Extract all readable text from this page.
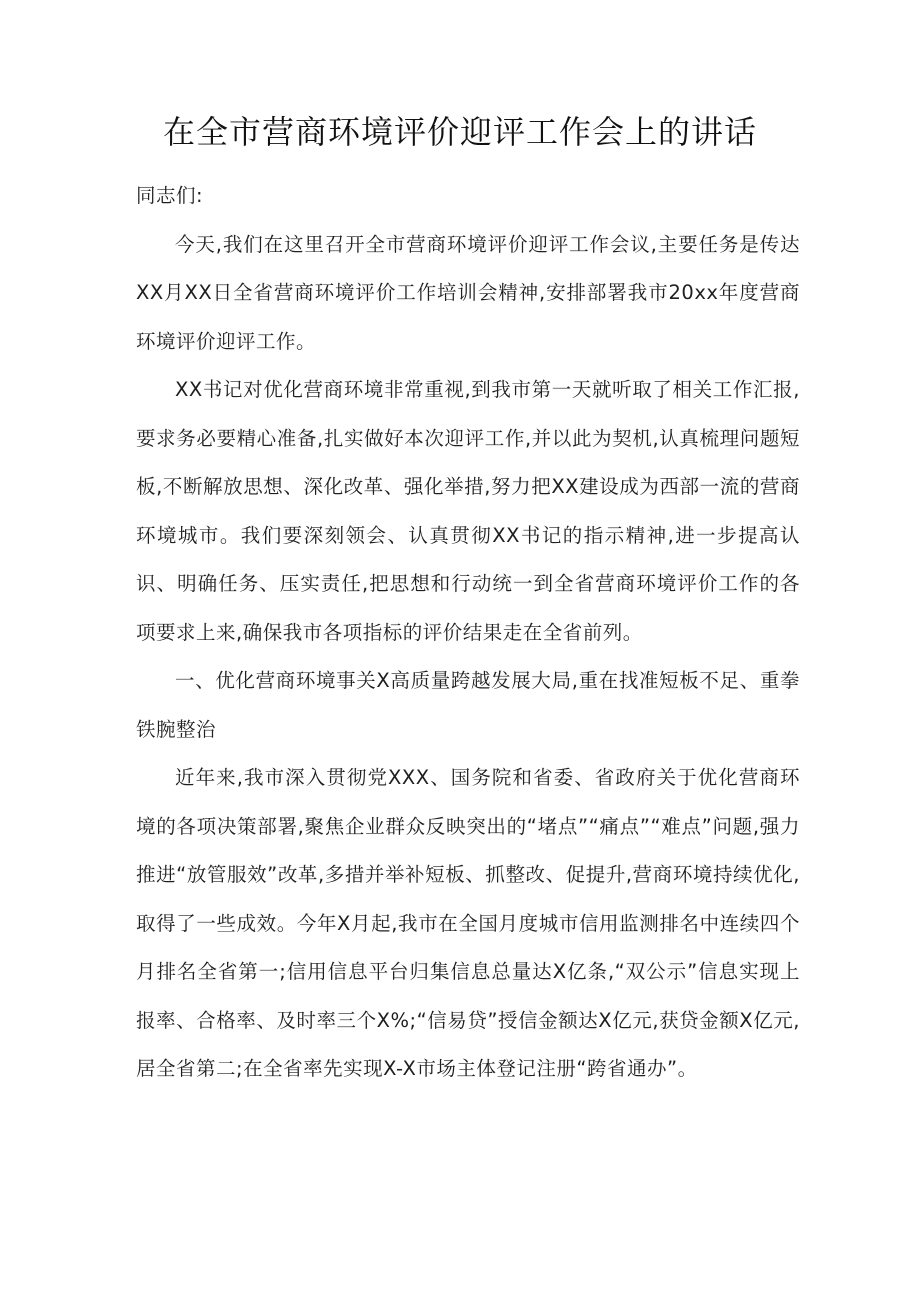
在全市营商环境评价迎评工作会上的讲话

同志们:

今天,我们在这里召开全市营商环境评价迎评工作会议,主要任务是传达XX月XX日全省营商环境评价工作培训会精神,安排部署我市20xx年度营商环境评价迎评工作。

XX书记对优化营商环境非常重视,到我市第一天就听取了相关工作汇报,要求务必要精心准备,扎实做好本次迎评工作,并以此为契机,认真梳理问题短板,不断解放思想、深化改革、强化举措,努力把XX建设成为西部一流的营商环境城市。我们要深刻领会、认真贯彻XX书记的指示精神,进一步提高认识、明确任务、压实责任,把思想和行动统一到全省营商环境评价工作的各项要求上来,确保我市各项指标的评价结果走在全省前列。

一、优化营商环境事关X高质量跨越发展大局,重在找准短板不足、重拳铁腕整治

近年来,我市深入贯彻党XXX、国务院和省委、省政府关于优化营商环境的各项决策部署,聚焦企业群众反映突出的“堵点”“痛点”“难点”问题,强力推进“放管服效”改革,多措并举补短板、抓整改、促提升,营商环境持续优化,取得了一些成效。今年X月起,我市在全国月度城市信用监测排名中连续四个月排名全省第一;信用信息平台归集信息总量达X亿条,“双公示”信息实现上报率、合格率、及时率三个X%;“信易贷”授信金额达X亿元,获贷金额X亿元,居全省第二;在全省率先实现X-X市场主体登记注册“跨省通办”。
